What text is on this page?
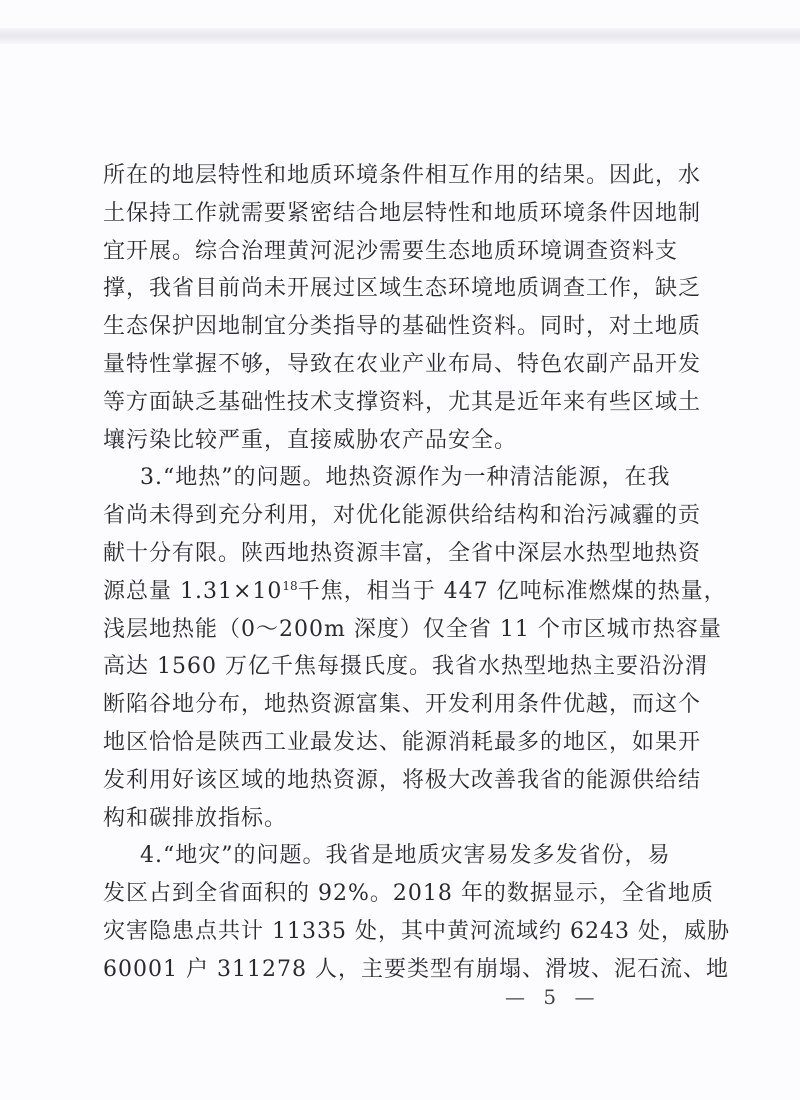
所在的地层特性和地质环境条件相互作用的结果。因此，水
土保持工作就需要紧密结合地层特性和地质环境条件因地制
宜开展。综合治理黄河泥沙需要生态地质环境调查资料支
撑，我省目前尚未开展过区域生态环境地质调查工作，缺乏
生态保护因地制宜分类指导的基础性资料。同时，对土地质
量特性掌握不够，导致在农业产业布局、特色农副产品开发
等方面缺乏基础性技术支撑资料，尤其是近年来有些区域土
壤污染比较严重，直接威胁农产品安全。
3.“地热”的问题。地热资源作为一种清洁能源，在我
省尚未得到充分利用，对优化能源供给结构和治污减霾的贡
献十分有限。陕西地热资源丰富，全省中深层水热型地热资
源总量 $1.31\times 10^{18}$千焦，相当于 447 亿吨标准燃煤的热量，
浅层地热能（0～200m 深度）仅全省 11 个市区城市热容量
高达 1560 万亿千焦每摄氏度。我省水热型地热主要沿汾渭
断陷谷地分布，地热资源富集、开发利用条件优越，而这个
地区恰恰是陕西工业最发达、能源消耗最多的地区，如果开
发利用好该区域的地热资源，将极大改善我省的能源供给结
构和碳排放指标。
4.“地灾”的问题。我省是地质灾害易发多发省份，易
发区占到全省面积的 92%。2018 年的数据显示，全省地质
灾害隐患点共计 11335 处，其中黄河流域约 6243 处，威胁
60001 户 311278 人，主要类型有崩塌、滑坡、泥石流、地
— 5 —
